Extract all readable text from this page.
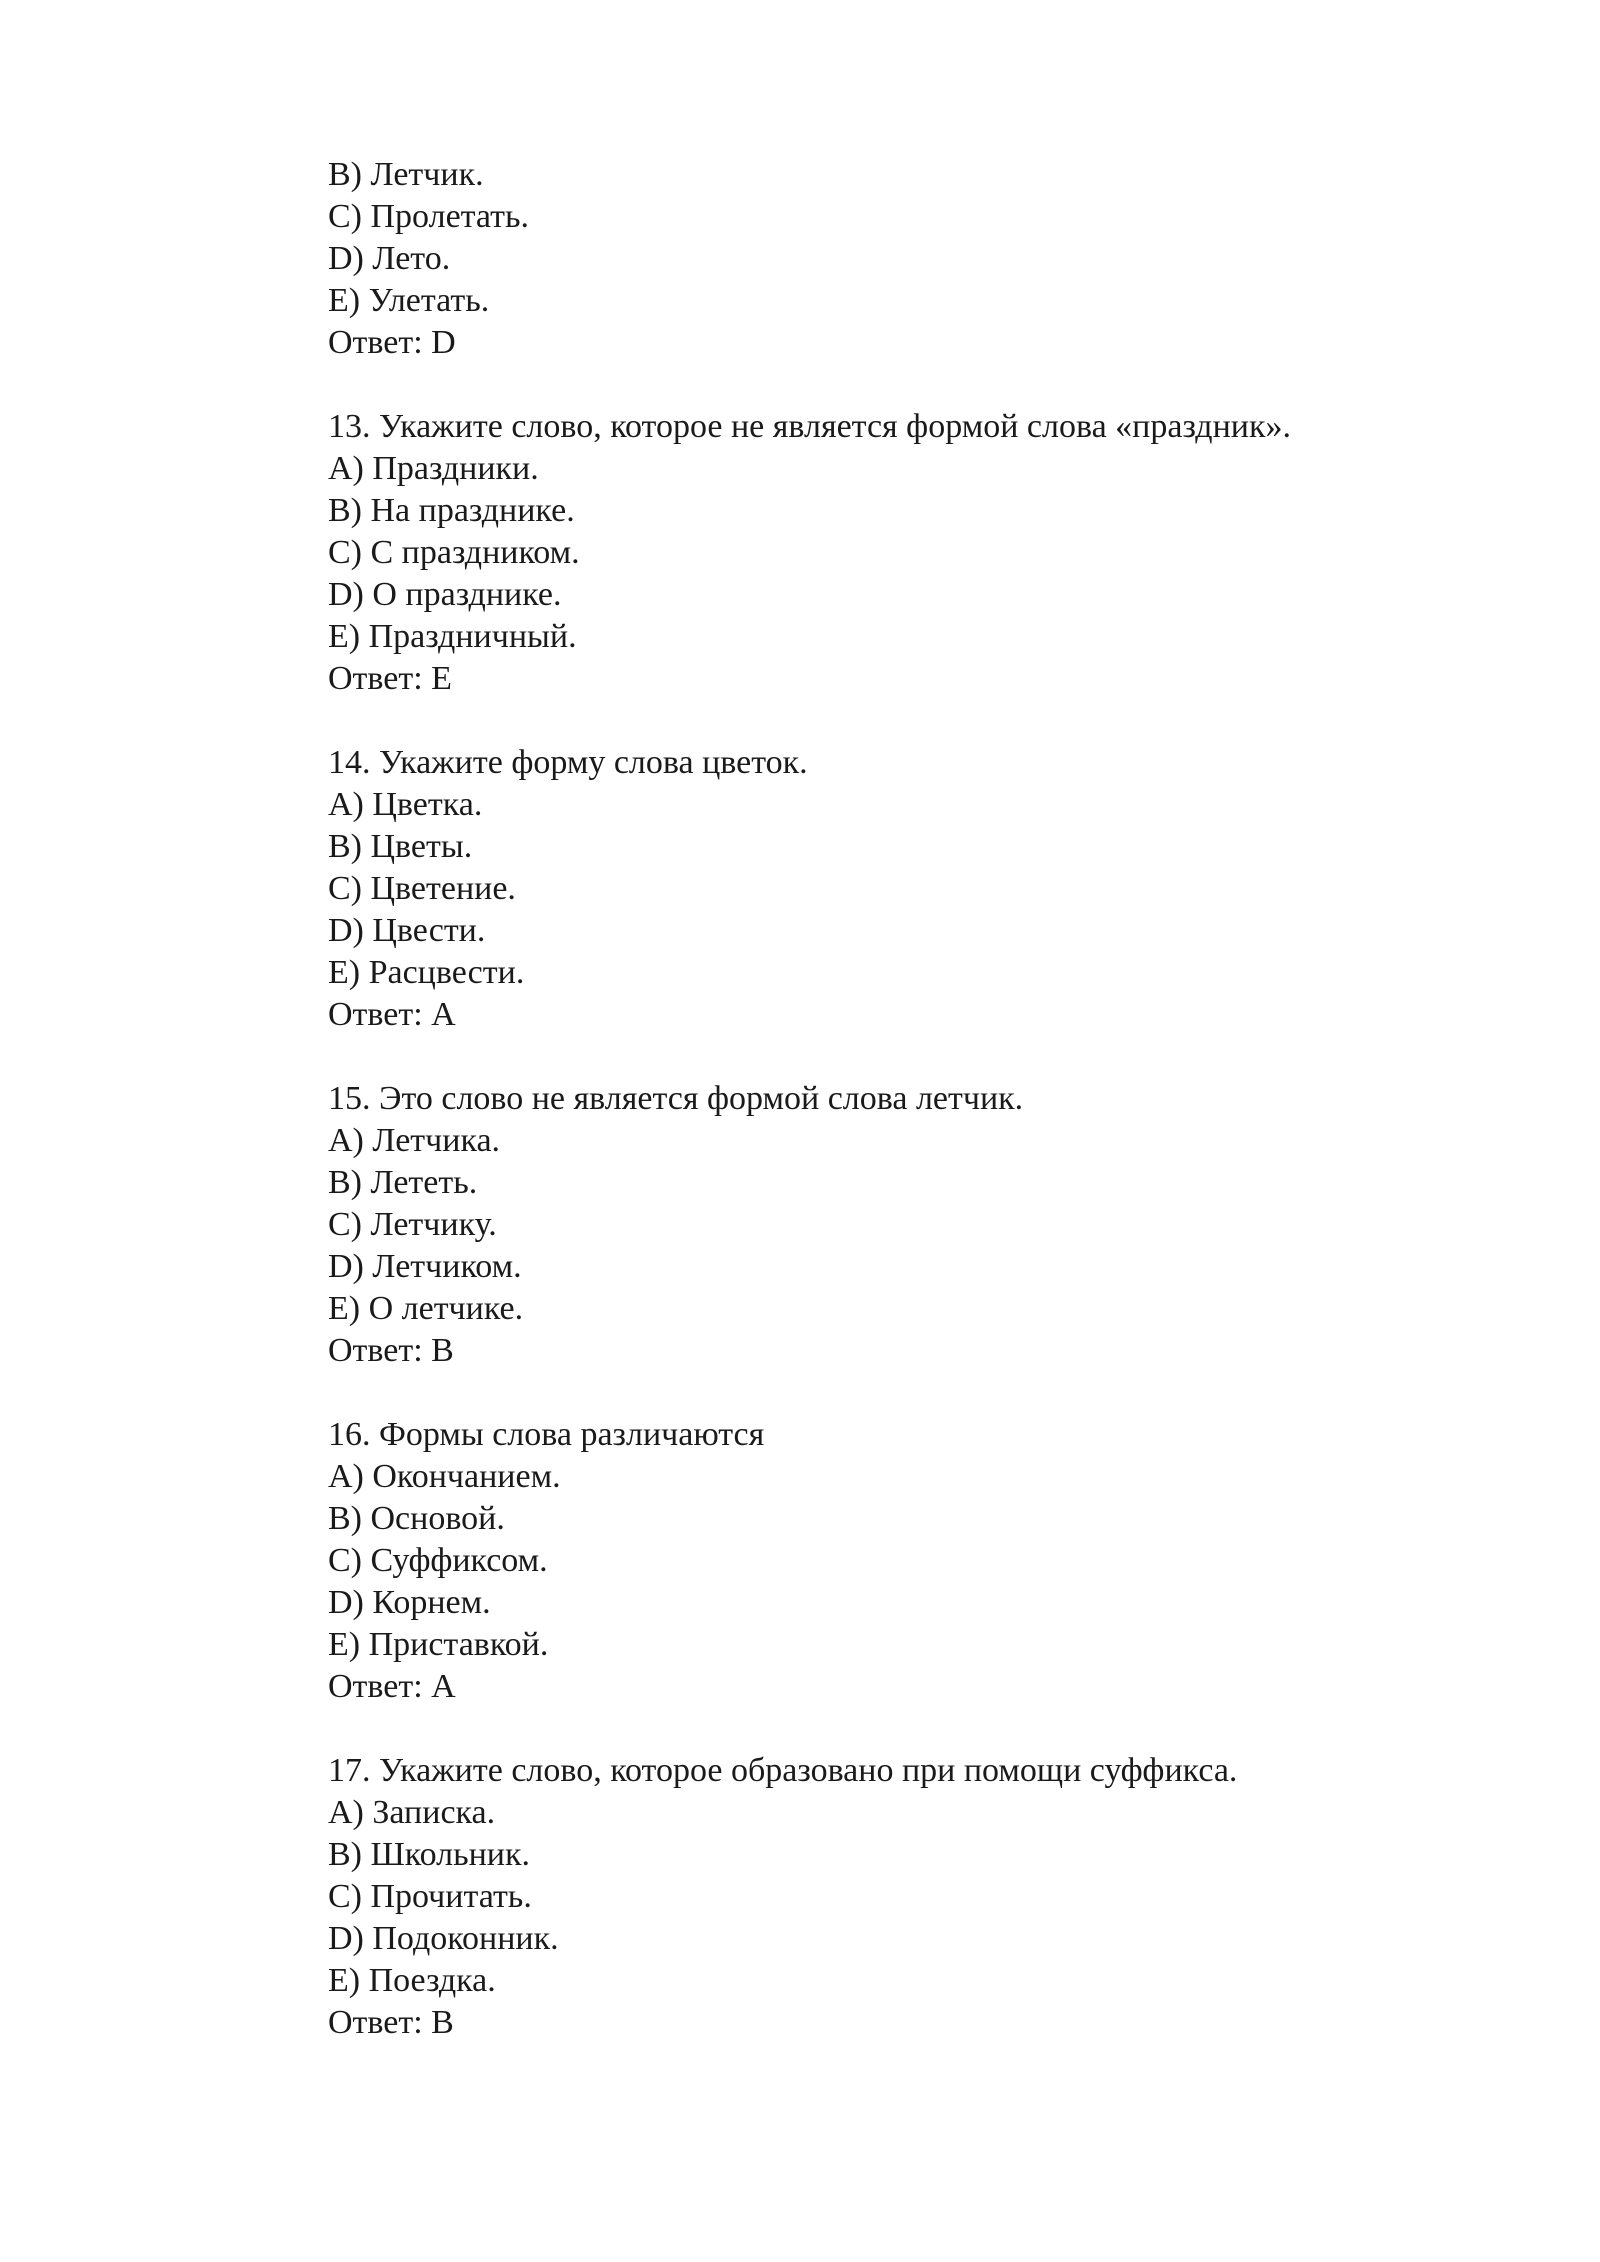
B) Летчик.
C) Пролетать.
D) Лето.
E) Улетать.
Ответ: D
13. Укажите слово, которое не является формой слова «праздник».
A) Праздники.
B) На празднике.
C) С праздником.
D) О празднике.
E) Праздничный.
Ответ: E
14. Укажите форму слова цветок.
A) Цветка.
B) Цветы.
C) Цветение.
D) Цвести.
E) Расцвести.
Ответ: A
15. Это слово не является формой слова летчик.
A) Летчика.
B) Лететь.
C) Летчику.
D) Летчиком.
E) О летчике.
Ответ: B
16. Формы слова различаются
A) Окончанием.
B) Основой.
C) Суффиксом.
D) Корнем.
E) Приставкой.
Ответ: A
17. Укажите слово, которое образовано при помощи суффикса.
A) Записка.
B) Школьник.
C) Прочитать.
D) Подоконник.
E) Поездка.
Ответ: B
